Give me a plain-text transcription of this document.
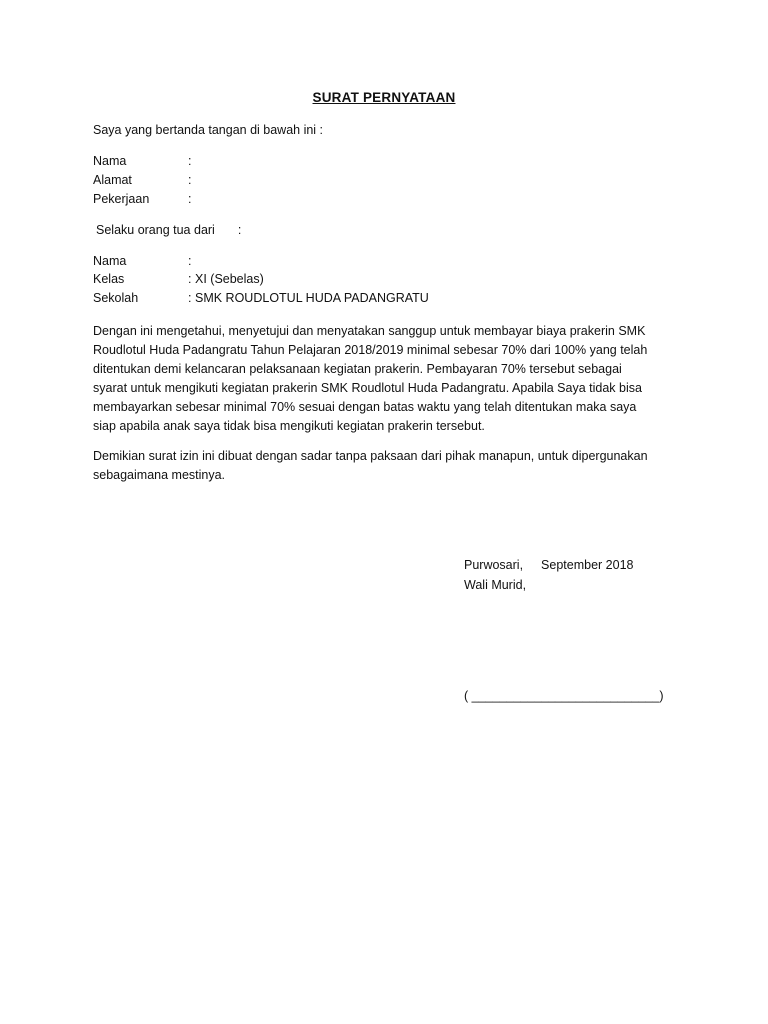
SURAT PERNYATAAN
Saya yang bertanda tangan di bawah ini :
Nama	:
Alamat	:
Pekerjaan	:
Selaku orang tua dari :
Nama	:
Kelas	: XI (Sebelas)
Sekolah	: SMK ROUDLOTUL HUDA PADANGRATU

Dengan ini mengetahui, menyetujui dan menyatakan sanggup untuk membayar biaya prakerin SMK

Roudlotul Huda Padangratu Tahun Pelajaran 2018/2019 minimal sebesar 70% dari 100% yang telah

ditentukan demi kelancaran pelaksanaan kegiatan prakerin. Pembayaran 70% tersebut sebagai

syarat untuk mengikuti kegiatan prakerin SMK Roudlotul Huda Padangratu. Apabila Saya tidak bisa

membayarkan sebesar minimal 70% sesuai dengan batas waktu yang telah ditentukan maka saya

siap apabila anak saya tidak bisa mengikuti kegiatan prakerin tersebut.

Demikian surat izin ini dibuat dengan sadar tanpa paksaan dari pihak manapun, untuk dipergunakan

sebagaimana mestinya.

Purwosari, September 2018
Wali Murid,
( ___________________________)
